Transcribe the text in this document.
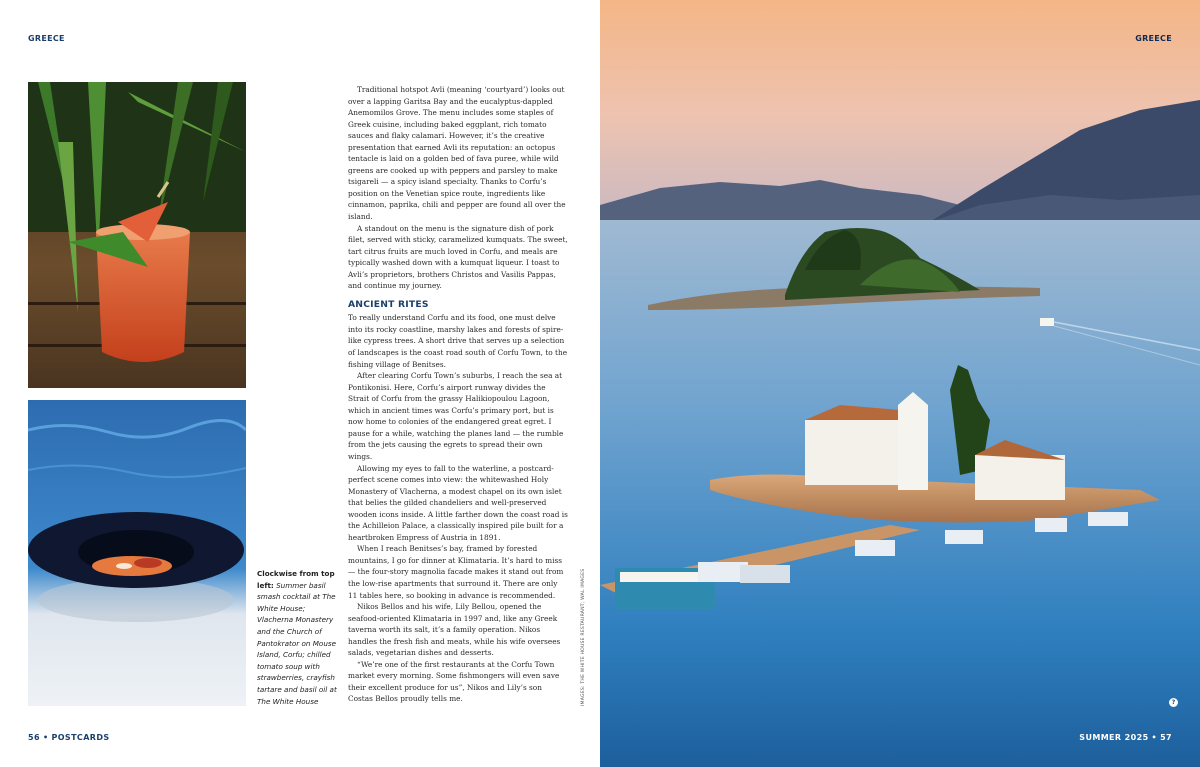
GREECE
Clockwise from top left: Summer basil smash cocktail at The White House; Vlacherna Monastery and the Church of Pantokrator on Mouse Island, Corfu; chilled tomato soup with strawberries, crayfish tartare and basil oil at The White House

Traditional hotspot Avli (meaning ‘courtyard’) looks out over a lapping Garitsa Bay and the eucalyptus-dappled Anemomilos Grove. The menu includes some staples of Greek cuisine, including baked eggplant, rich tomato sauces and flaky calamari. However, it’s the creative presentation that earned Avli its reputation: an octopus tentacle is laid on a golden bed of fava puree, while wild greens are cooked up with peppers and parsley to make tsigareli — a spicy island specialty. Thanks to Corfu’s position on the Venetian spice route, ingredients like cinnamon, paprika, chili and pepper are found all over the island.

A standout on the menu is the signature dish of pork filet, served with sticky, caramelized kumquats. The sweet, tart citrus fruits are much loved in Corfu, and meals are typically washed down with a kumquat liqueur. I toast to Avli’s proprietors, brothers Christos and Vasilis Pappas, and continue my journey.

ANCIENT RITES

To really understand Corfu and its food, one must delve into its rocky coastline, marshy lakes and forests of spire-like cypress trees. A short drive that serves up a selection of landscapes is the coast road south of Corfu Town, to the fishing village of Benitses.

After clearing Corfu Town’s suburbs, I reach the sea at Pontikonisi. Here, Corfu’s airport runway divides the Strait of Corfu from the grassy Halikiopoulou Lagoon, which in ancient times was Corfu’s primary port, but is now home to colonies of the endangered great egret. I pause for a while, watching the planes land — the rumble from the jets causing the egrets to spread their own wings.

Allowing my eyes to fall to the waterline, a postcard-perfect scene comes into view: the whitewashed Holy Monastery of Vlacherna, a modest chapel on its own islet that belies the gilded chandeliers and well-preserved wooden icons inside. A little farther down the coast road is the Achilleion Palace, a classically inspired pile built for a heartbroken Empress of Austria in 1891.

When I reach Benitses’s bay, framed by forested mountains, I go for dinner at Klimataria. It’s hard to miss — the four-story magnolia facade makes it stand out from the low-rise apartments that surround it. There are only 11 tables here, so booking in advance is recommended.

Nikos Bellos and his wife, Lily Bellou, opened the seafood-oriented Klimataria in 1997 and, like any Greek taverna worth its salt, it’s a family operation. Nikos handles the fresh fish and meats, while his wife oversees salads, vegetarian dishes and desserts.

“We’re one of the first restaurants at the Corfu Town market every morning. Some fishmongers will even save their excellent produce for us”, Nikos and Lily’s son Costas Bellos proudly tells me.	IMAGES: THE WHITE HOUSE RESTAURANT; WAL IMAGES
56 • POSTCARDS
GREECE
?
SUMMER 2025 • 57
